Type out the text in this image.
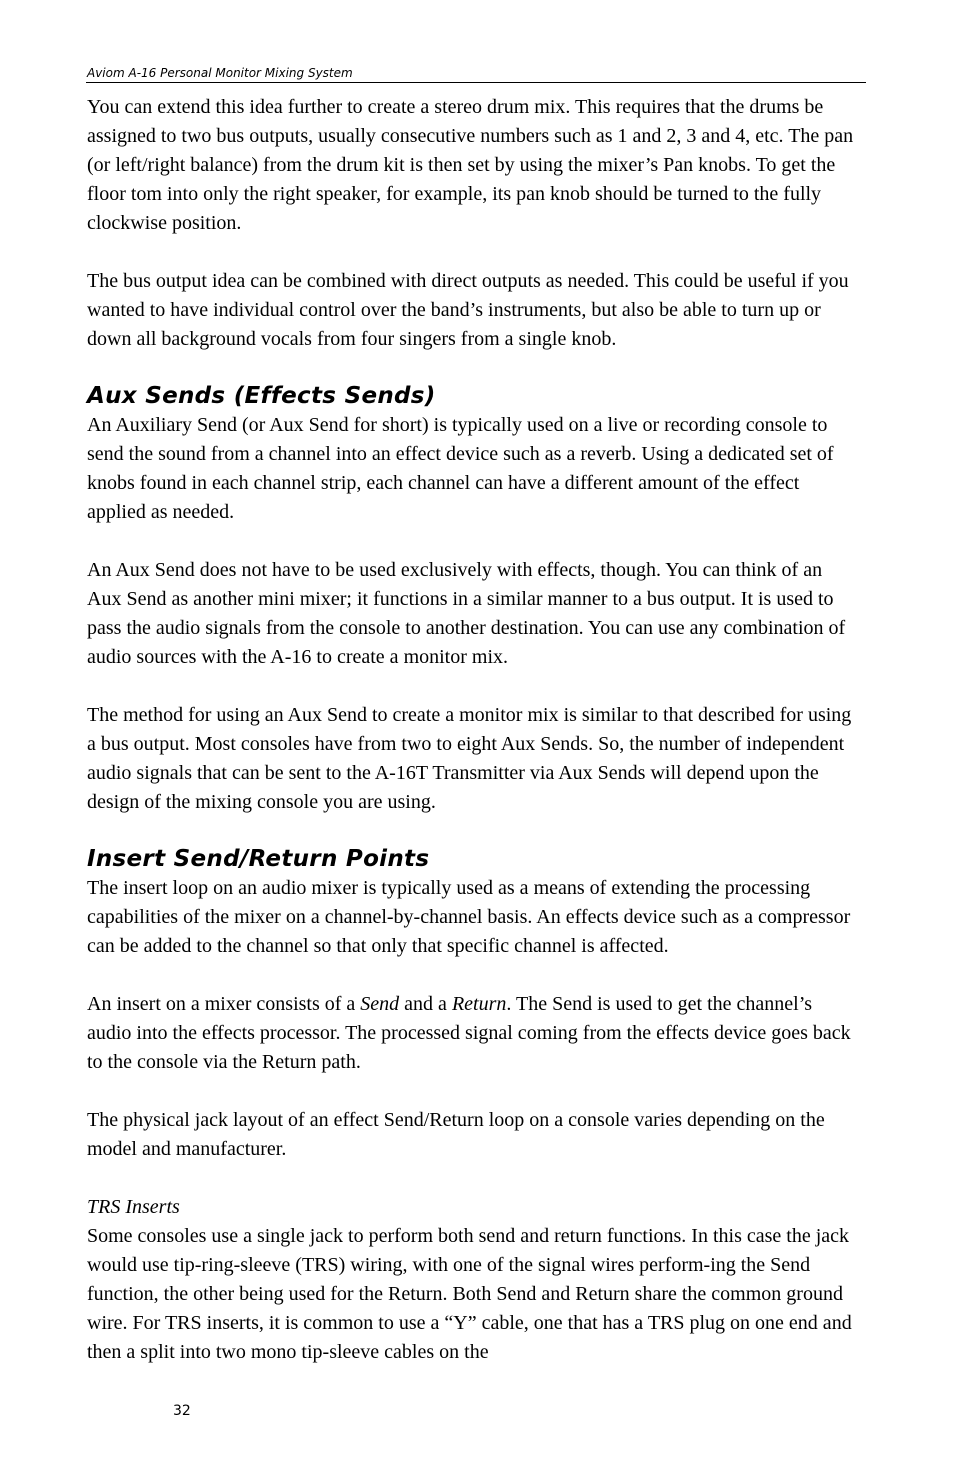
Aviom A-16 Personal Monitor Mixing System

You can extend this idea further to create a stereo drum mix. This requires that the drums be assigned to two bus outputs, usually consecutive numbers such as 1 and 2, 3 and 4, etc. The pan (or left/right balance) from the drum kit is then set by using the mixer’s Pan knobs. To get the floor tom into only the right speaker, for example, its pan knob should be turned to the fully clockwise position.

The bus output idea can be combined with direct outputs as needed. This could be useful if you wanted to have individual control over the band’s instruments, but also be able to turn up or down all background vocals from four singers from a single knob.

Aux Sends (Effects Sends)

An Auxiliary Send (or Aux Send for short) is typically used on a live or recording console to send the sound from a channel into an effect device such as a reverb. Using a dedicated set of knobs found in each channel strip, each channel can have a different amount of the effect applied as needed.

An Aux Send does not have to be used exclusively with effects, though. You can think of an Aux Send as another mini mixer; it functions in a similar manner to a bus output. It is used to pass the audio signals from the console to another destination. You can use any combination of audio sources with the A-16 to create a monitor mix.

The method for using an Aux Send to create a monitor mix is similar to that described for using a bus output. Most consoles have from two to eight Aux Sends. So, the number of independent audio signals that can be sent to the A-16T Transmitter via Aux Sends will depend upon the design of the mixing console you are using.

Insert Send/Return Points

The insert loop on an audio mixer is typically used as a means of extending the processing capabilities of the mixer on a channel-by-channel basis. An effects device such as a compressor can be added to the channel so that only that specific channel is affected.

An insert on a mixer consists of a Send and a Return. The Send is used to get the channel’s audio into the effects processor. The processed signal coming from the effects device goes back to the console via the Return path.

The physical jack layout of an effect Send/Return loop on a console varies depending on the model and manufacturer.

TRS Inserts

Some consoles use a single jack to perform both send and return functions. In this case the jack would use tip-ring-sleeve (TRS) wiring, with one of the signal wires perform-ing the Send function, the other being used for the Return. Both Send and Return share the common ground wire. For TRS inserts, it is common to use a “Y” cable, one that has a TRS plug on one end and then a split into two mono tip-sleeve cables on the

32
